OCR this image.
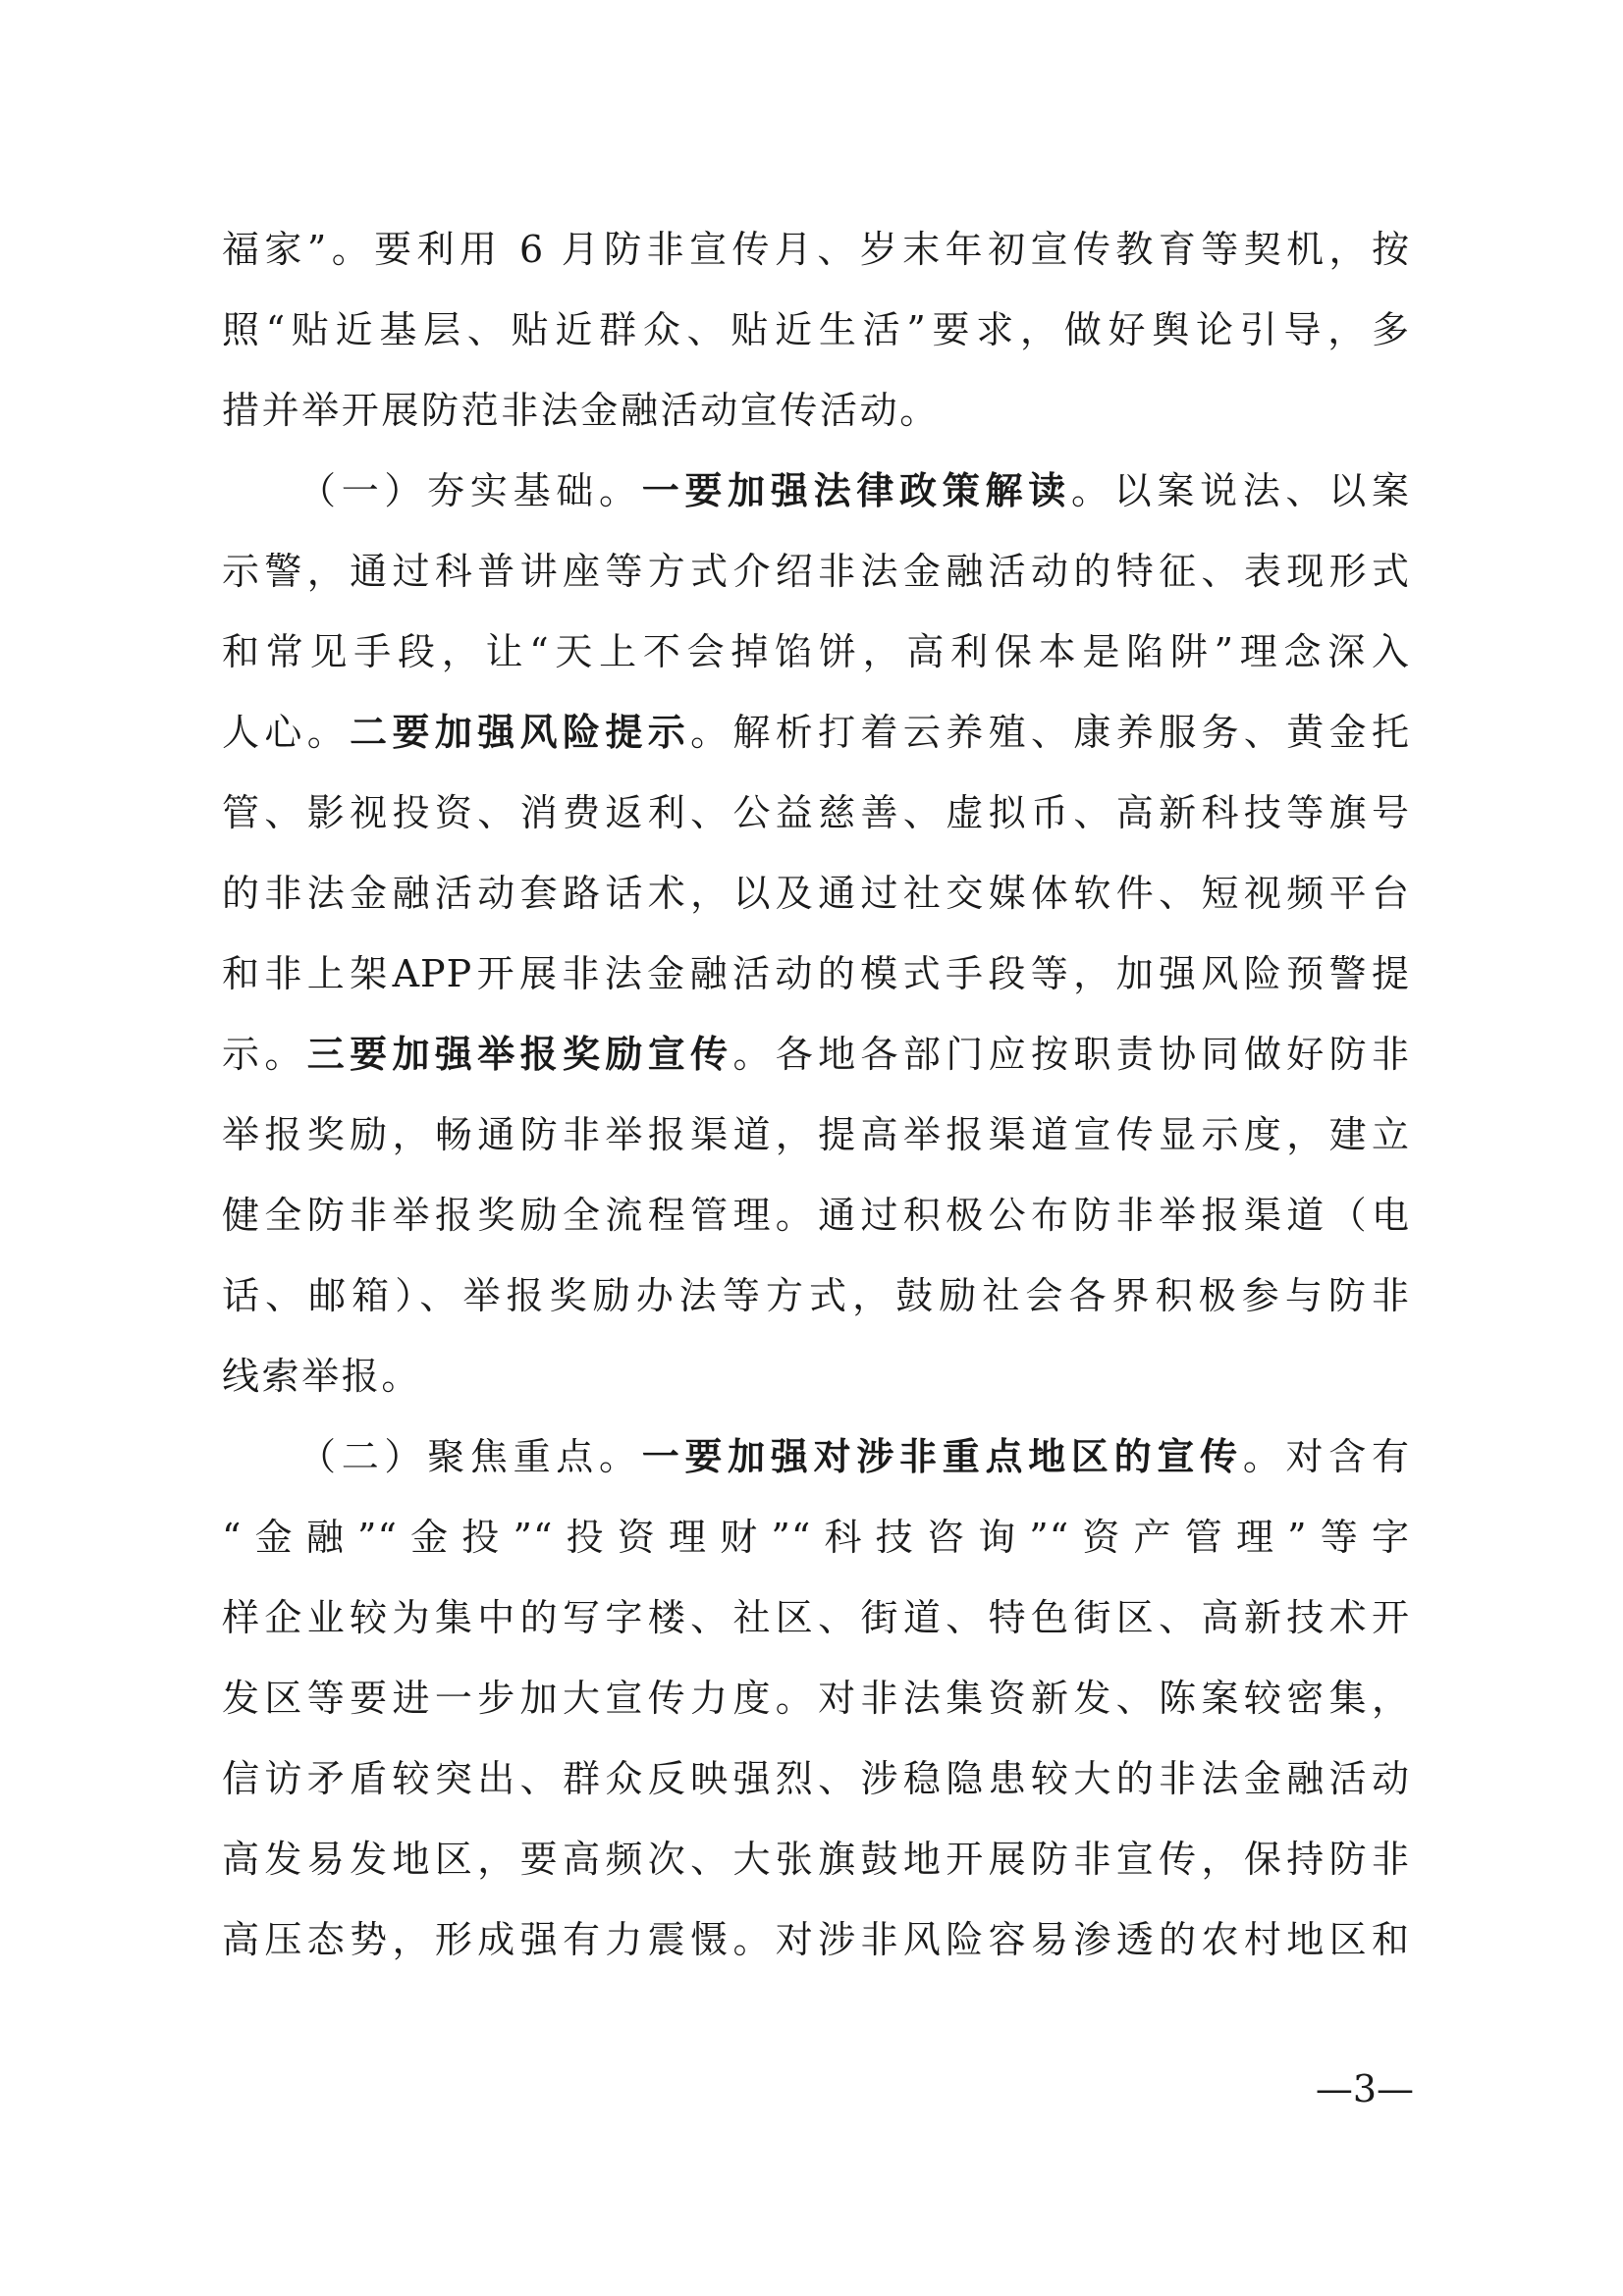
福家”。要利用 6 月防非宣传月、岁末年初宣传教育等契机，按
照“贴近基层、贴近群众、贴近生活”要求，做好舆论引导，多
措并举开展防范非法金融活动宣传活动。
（一）夯实基础。一要加强法律政策解读。以案说法、以案
示警，通过科普讲座等方式介绍非法金融活动的特征、表现形式
和常见手段，让“天上不会掉馅饼，高利保本是陷阱”理念深入
人心。二要加强风险提示。解析打着云养殖、康养服务、黄金托
管、影视投资、消费返利、公益慈善、虚拟币、高新科技等旗号
的非法金融活动套路话术，以及通过社交媒体软件、短视频平台
和非上架APP开展非法金融活动的模式手段等，加强风险预警提
示。三要加强举报奖励宣传。各地各部门应按职责协同做好防非
举报奖励，畅通防非举报渠道，提高举报渠道宣传显示度，建立
健全防非举报奖励全流程管理。通过积极公布防非举报渠道（电
话、邮箱）、举报奖励办法等方式，鼓励社会各界积极参与防非
线索举报。
（二）聚焦重点。一要加强对涉非重点地区的宣传。对含有
“金融”“金投”“投资理财”“科技咨询”“资产管理”等字
样企业较为集中的写字楼、社区、街道、特色街区、高新技术开
发区等要进一步加大宣传力度。对非法集资新发、陈案较密集，
信访矛盾较突出、群众反映强烈、涉稳隐患较大的非法金融活动
高发易发地区，要高频次、大张旗鼓地开展防非宣传，保持防非
高压态势，形成强有力震慑。对涉非风险容易渗透的农村地区和
—3—
